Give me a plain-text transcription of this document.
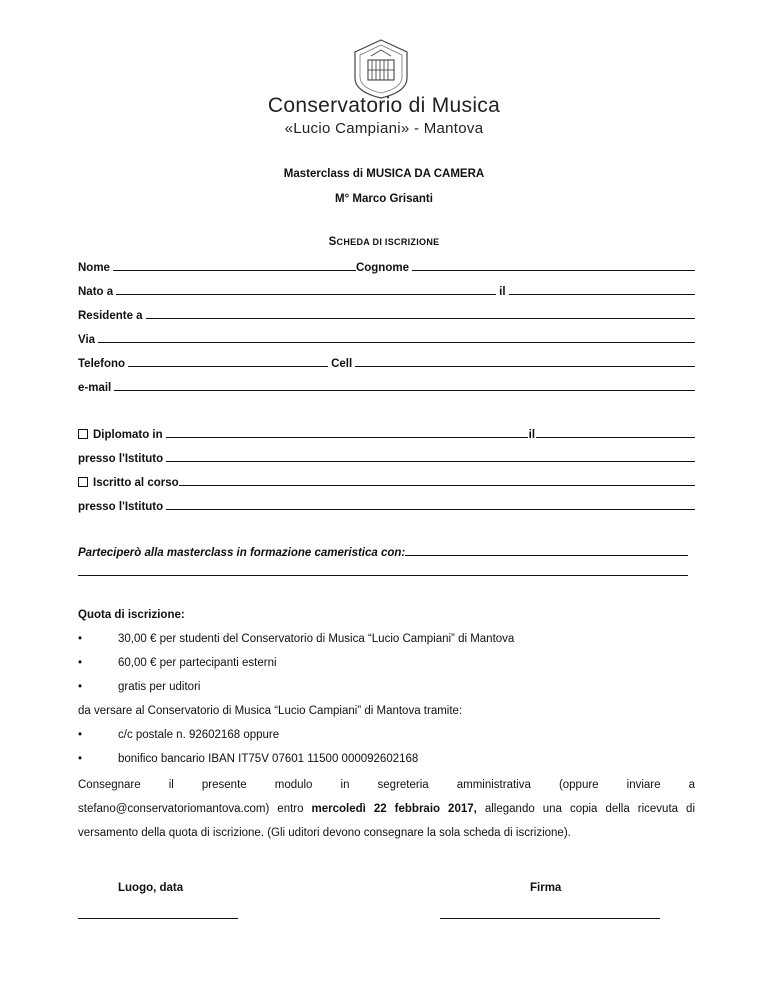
Conservatorio di Musica
«Lucio Campiani» - Mantova
Masterclass di MUSICA DA CAMERA
M° Marco Grisanti
SCHEDA DI ISCRIZIONE
Nome	Cognome
Nato a	il
Residente a
Via
Telefono	Cell
e-mail
Diplomato in	il
presso l'Istituto
Iscritto al corso
presso l'Istituto
Parteciperò alla masterclass in formazione cameristica con:
Quota di iscrizione:
•	30,00 € per studenti del Conservatorio di Musica “Lucio Campiani” di Mantova
•	60,00 € per partecipanti esterni
•	gratis per uditori
da versare al Conservatorio di Musica “Lucio Campiani” di Mantova tramite:
•	c/c postale n. 92602168 oppure
•	bonifico bancario IBAN IT75V 07601 11500 000092602168
Consegnare il presente modulo in segreteria amministrativa (oppure inviare a
stefano@conservatoriomantova.com) entro mercoledì 22 febbraio 2017, allegando una copia della ricevuta di versamento della quota di iscrizione. (Gli uditori devono consegnare la sola scheda di iscrizione).
Luogo, data	Firma
